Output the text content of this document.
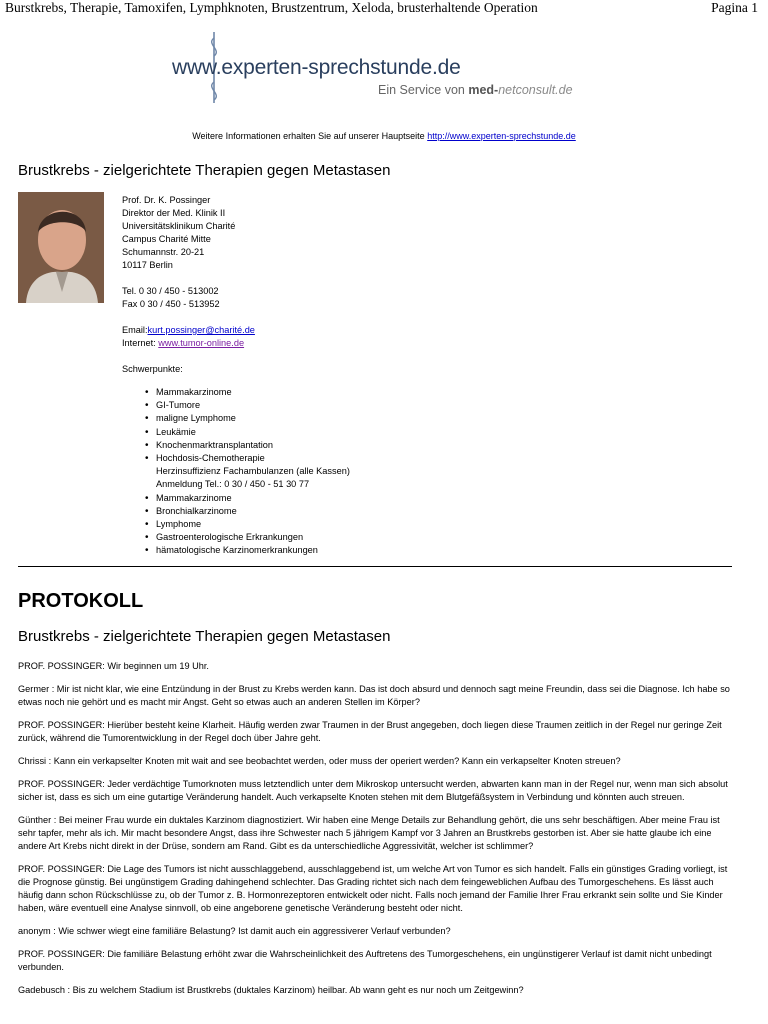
Burstkrebs, Therapie, Tamoxifen, Lymphknoten, Brustzentrum, Xeloda, brusterhaltende Operation	Pagina 1
www.experten-sprechstunde.de
Ein Service von med-netconsult.de
Weitere Informationen erhalten Sie auf unserer Hauptseite http://www.experten-sprechstunde.de
Brustkrebs - zielgerichtete Therapien gegen Metastasen
Prof. Dr. K. Possinger
Direktor der Med. Klinik II
Universitätsklinikum Charité
Campus Charité Mitte
Schumannstr. 20-21
10117 Berlin
Tel. 0 30 / 450 - 513002
Fax 0 30 / 450 - 513952
Email:kurt.possinger@charité.de
Internet: www.tumor-online.de
Schwerpunkte:
• Mammakarzinome
• GI-Tumore
• maligne Lymphome
• Leukämie
• Knochenmarktransplantation
• Hochdosis-Chemotherapie
Herzinsuffizienz Fachambulanzen (alle Kassen)
Anmeldung Tel.: 0 30 / 450 - 51 30 77
• Mammakarzinome
• Bronchialkarzinome
• Lymphome
• Gastroenterologische Erkrankungen
• hämatologische Karzinomerkrankungen
PROTOKOLL
Brustkrebs - zielgerichtete Therapien gegen Metastasen

PROF. POSSINGER: Wir beginnen um 19 Uhr.

Germer : Mir ist nicht klar, wie eine Entzündung in der Brust zu Krebs werden kann. Das ist doch absurd und dennoch sagt meine Freundin, dass sei die Diagnose. Ich habe so etwas noch nie gehört und es macht mir Angst. Geht so etwas auch an anderen Stellen im Körper?

PROF. POSSINGER: Hierüber besteht keine Klarheit. Häufig werden zwar Traumen in der Brust angegeben, doch liegen diese Traumen zeitlich in der Regel nur geringe Zeit zurück, während die Tumorentwicklung in der Regel doch über Jahre geht.

Chrissi : Kann ein verkapselter Knoten mit wait and see beobachtet werden, oder muss der operiert werden? Kann ein verkapselter Knoten streuen?

PROF. POSSINGER: Jeder verdächtige Tumorknoten muss letztendlich unter dem Mikroskop untersucht werden, abwarten kann man in der Regel nur, wenn man sich absolut sicher ist, dass es sich um eine gutartige Veränderung handelt. Auch verkapselte Knoten stehen mit dem Blutgefäßsystem in Verbindung und könnten auch streuen.

Günther : Bei meiner Frau wurde ein duktales Karzinom diagnostiziert. Wir haben eine Menge Details zur Behandlung gehört, die uns sehr beschäftigen. Aber meine Frau ist sehr tapfer, mehr als ich. Mir macht besondere Angst, dass ihre Schwester nach 5 jährigem Kampf vor 3 Jahren an Brustkrebs gestorben ist. Aber sie hatte glaube ich eine andere Art Krebs nicht direkt in der Drüse, sondern am Rand. Gibt es da unterschiedliche Aggressivität, welcher ist schlimmer?

PROF. POSSINGER: Die Lage des Tumors ist nicht ausschlaggebend, ausschlaggebend ist, um welche Art von Tumor es sich handelt. Falls ein günstiges Grading vorliegt, ist die Prognose günstig. Bei ungünstigem Grading dahingehend schlechter. Das Grading richtet sich nach dem feingeweblichen Aufbau des Tumorgeschehens. Es lässt auch häufig dann schon Rückschlüsse zu, ob der Tumor z. B. Hormonrezeptoren entwickelt oder nicht. Falls noch jemand der Familie Ihrer Frau erkrankt sein sollte und Sie Kinder haben, wäre eventuell eine Analyse sinnvoll, ob eine angeborene genetische Veränderung besteht oder nicht.

anonym : Wie schwer wiegt eine familiäre Belastung? Ist damit auch ein aggressiverer Verlauf verbunden?

PROF. POSSINGER: Die familiäre Belastung erhöht zwar die Wahrscheinlichkeit des Auftretens des Tumorgeschehens, ein ungünstigerer Verlauf ist damit nicht unbedingt verbunden.

Gadebusch : Bis zu welchem Stadium ist Brustkrebs (duktales Karzinom) heilbar. Ab wann geht es nur noch um Zeitgewinn?
